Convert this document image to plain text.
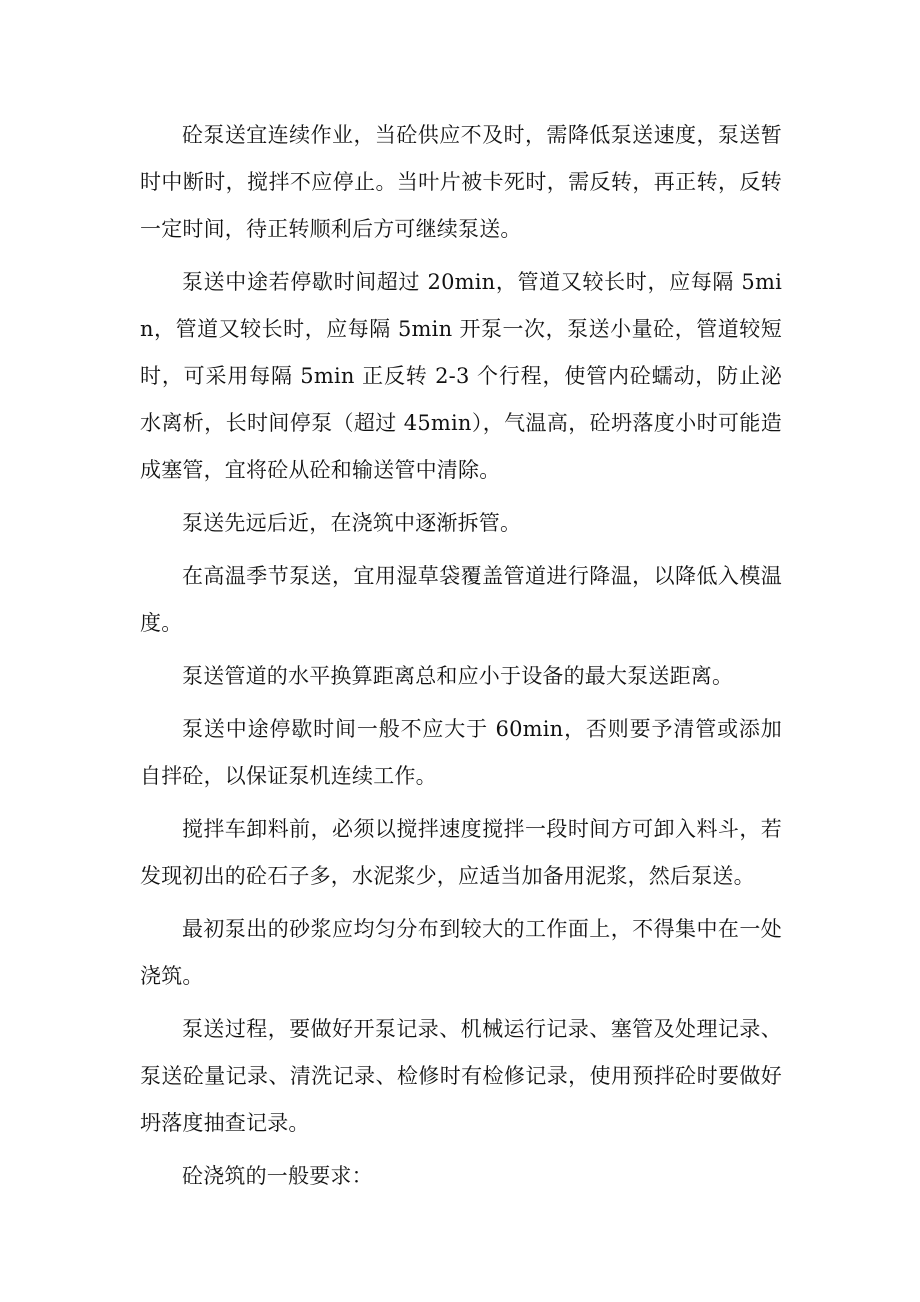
砼泵送宜连续作业，当砼供应不及时，需降低泵送速度，泵送暂时中断时，搅拌不应停止。当叶片被卡死时，需反转，再正转，反转一定时间，待正转顺利后方可继续泵送。

泵送中途若停歇时间超过 20min，管道又较长时，应每隔 5min，管道又较长时，应每隔 5min 开泵一次，泵送小量砼，管道较短时，可采用每隔 5min 正反转 2-3 个行程，使管内砼蠕动，防止泌水离析，长时间停泵（超过 45min），气温高，砼坍落度小时可能造成塞管，宜将砼从砼和输送管中清除。

泵送先远后近，在浇筑中逐渐拆管。

在高温季节泵送，宜用湿草袋覆盖管道进行降温，以降低入模温度。

泵送管道的水平换算距离总和应小于设备的最大泵送距离。

泵送中途停歇时间一般不应大于 60min，否则要予清管或添加自拌砼，以保证泵机连续工作。

搅拌车卸料前，必须以搅拌速度搅拌一段时间方可卸入料斗，若发现初出的砼石子多，水泥浆少，应适当加备用泥浆，然后泵送。

最初泵出的砂浆应均匀分布到较大的工作面上，不得集中在一处浇筑。

泵送过程，要做好开泵记录、机械运行记录、塞管及处理记录、泵送砼量记录、清洗记录、检修时有检修记录，使用预拌砼时要做好坍落度抽查记录。

砼浇筑的一般要求：
